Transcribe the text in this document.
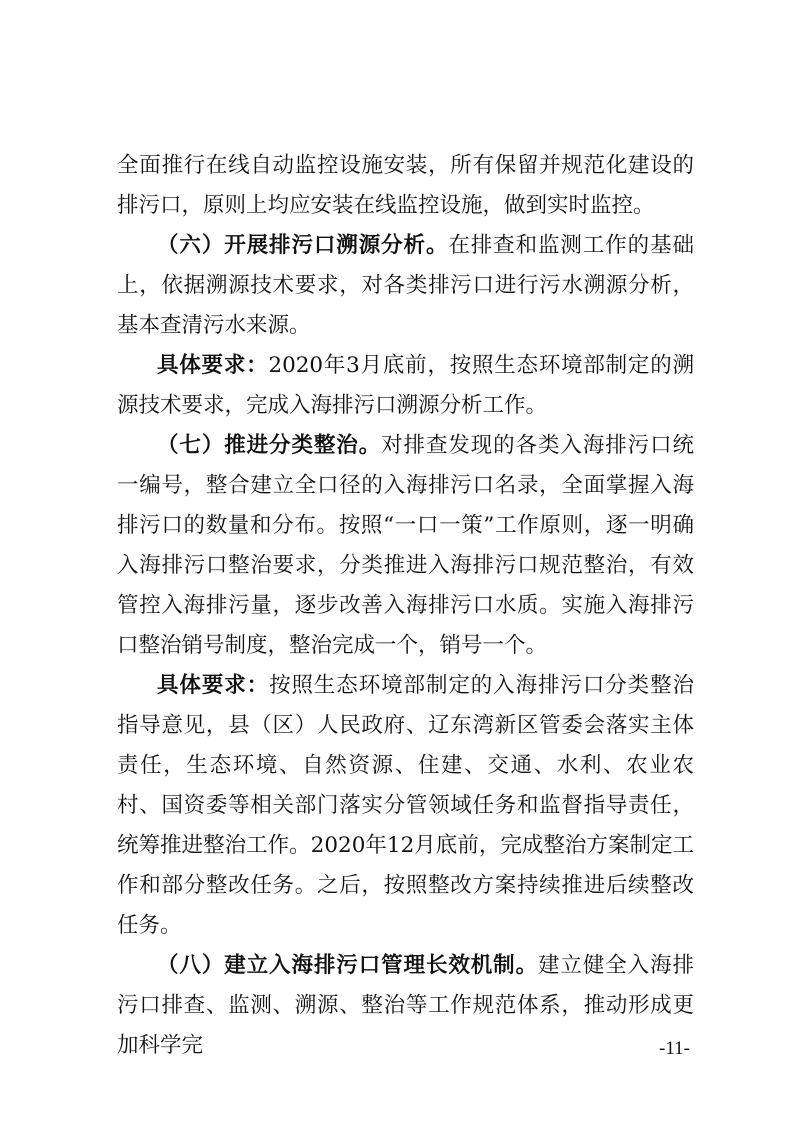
全面推行在线自动监控设施安装，所有保留并规范化建设的排污口，原则上均应安装在线监控设施，做到实时监控。

（六）开展排污口溯源分析。在排查和监测工作的基础上，依据溯源技术要求，对各类排污口进行污水溯源分析，基本查清污水来源。

具体要求：2020年3月底前，按照生态环境部制定的溯源技术要求，完成入海排污口溯源分析工作。

（七）推进分类整治。对排查发现的各类入海排污口统一编号，整合建立全口径的入海排污口名录，全面掌握入海排污口的数量和分布。按照“一口一策”工作原则，逐一明确入海排污口整治要求，分类推进入海排污口规范整治，有效管控入海排污量，逐步改善入海排污口水质。实施入海排污口整治销号制度，整治完成一个，销号一个。

具体要求：按照生态环境部制定的入海排污口分类整治指导意见，县（区）人民政府、辽东湾新区管委会落实主体责任，生态环境、自然资源、住建、交通、水利、农业农村、国资委等相关部门落实分管领域任务和监督指导责任，统筹推进整治工作。2020年12月底前，完成整治方案制定工作和部分整改任务。之后，按照整改方案持续推进后续整改任务。

（八）建立入海排污口管理长效机制。建立健全入海排污口排查、监测、溯源、整治等工作规范体系，推动形成更加科学完	-11-
